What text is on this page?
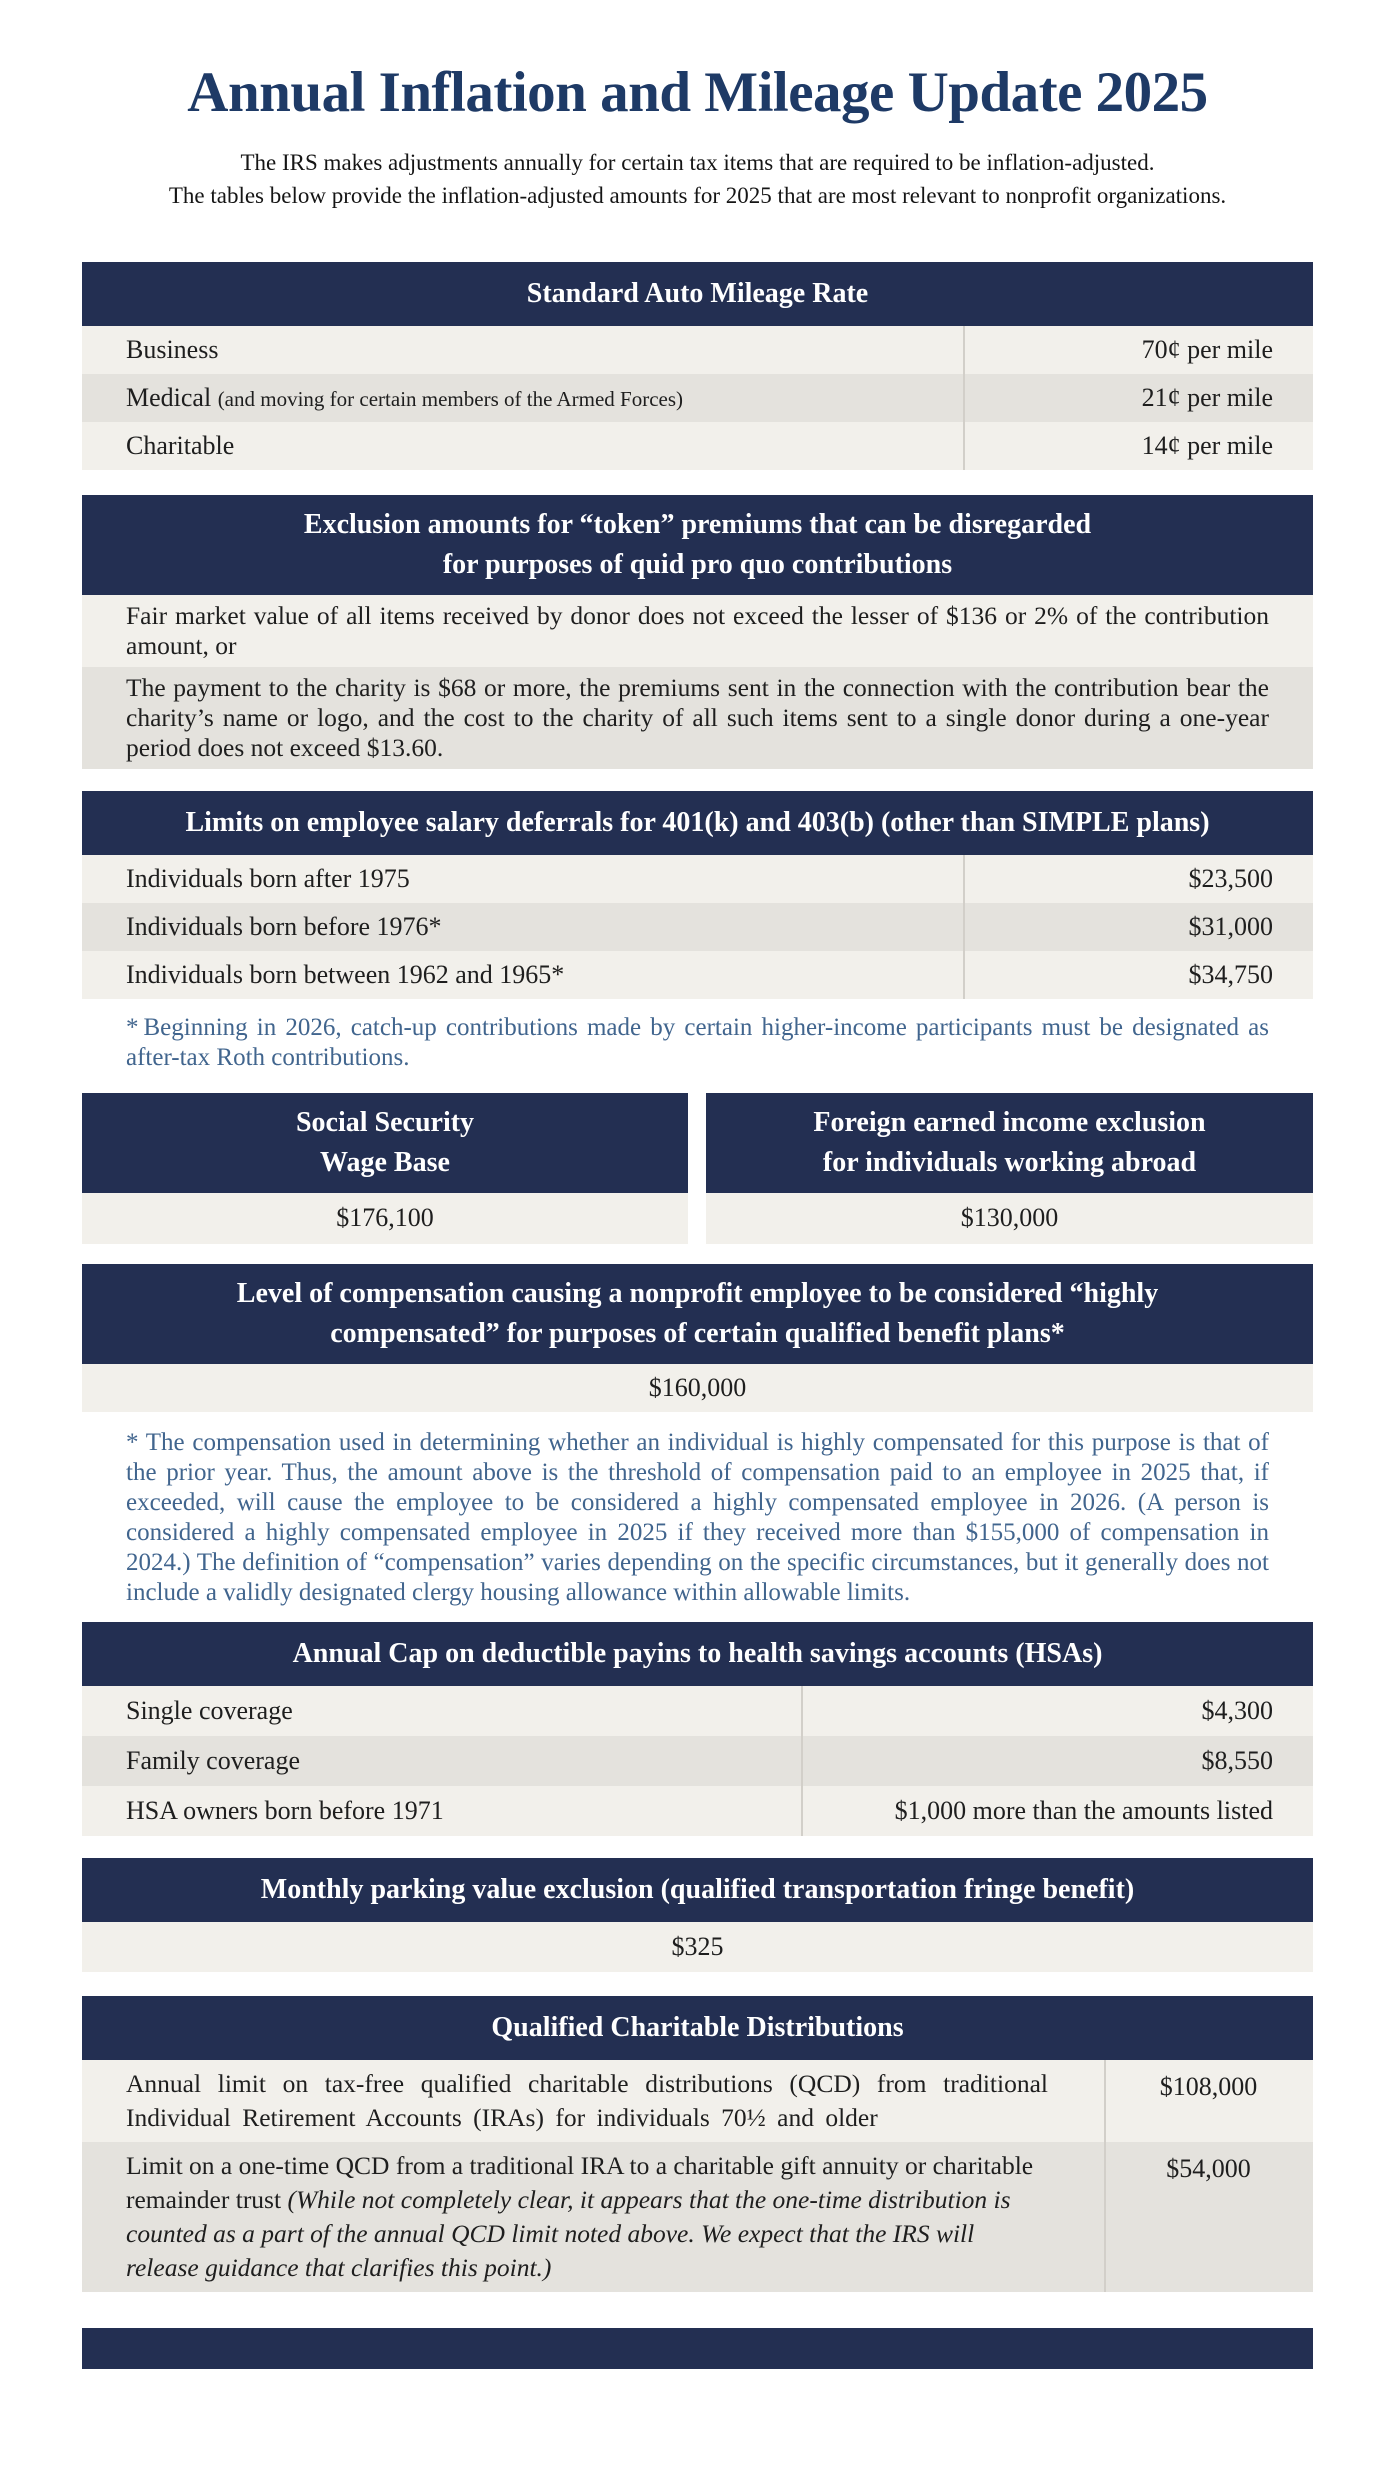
Annual Inflation and Mileage Update 2025
The IRS makes adjustments annually for certain tax items that are required to be inflation-adjusted.
The tables below provide the inflation-adjusted amounts for 2025 that are most relevant to nonprofit organizations.
Standard Auto Mileage Rate
Business	70¢ per mile
Medical (and moving for certain members of the Armed Forces)	21¢ per mile
Charitable	14¢ per mile
Exclusion amounts for “token” premiums that can be disregarded
for purposes of quid pro quo contributions
Fair market value of all items received by donor does not exceed the lesser of $136 or 2% of the contribution amount, or
The payment to the charity is $68 or more, the premiums sent in the connection with the contribution bear the charity’s name or logo, and the cost to the charity of all such items sent to a single donor during a one-year period does not exceed $13.60.
Limits on employee salary deferrals for 401(k) and 403(b) (other than SIMPLE plans)
Individuals born after 1975	$23,500
Individuals born before 1976*	$31,000
Individuals born between 1962 and 1965*	$34,750
* Beginning in 2026, catch-up contributions made by certain higher-income participants must be designated as after-tax Roth contributions.
Social Security
Wage Base
$176,100
Foreign earned income exclusion
for individuals working abroad
$130,000
Level of compensation causing a nonprofit employee to be considered “highly
compensated” for purposes of certain qualified benefit plans*
$160,000
* The compensation used in determining whether an individual is highly compensated for this purpose is that of the prior year. Thus, the amount above is the threshold of compensation paid to an employee in 2025 that, if exceeded, will cause the employee to be considered a highly compensated employee in 2026. (A person is considered a highly compensated employee in 2025 if they received more than $155,000 of compensation in 2024.) The definition of “compensation” varies depending on the specific circumstances, but it generally does not include a validly designated clergy housing allowance within allowable limits.
Annual Cap on deductible payins to health savings accounts (HSAs)
Single coverage	$4,300
Family coverage	$8,550
HSA owners born before 1971	$1,000 more than the amounts listed
Monthly parking value exclusion (qualified transportation fringe benefit)
$325
Qualified Charitable Distributions
Annual limit on tax-free qualified charitable distributions (QCD) from traditional Individual Retirement Accounts (IRAs) for individuals 70½ and older
$108,000
Limit on a one-time QCD from a traditional IRA to a charitable gift annuity or charitable remainder trust (While not completely clear, it appears that the one-time distribution is counted as a part of the annual QCD limit noted above. We expect that the IRS will release guidance that clarifies this point.)
$54,000
